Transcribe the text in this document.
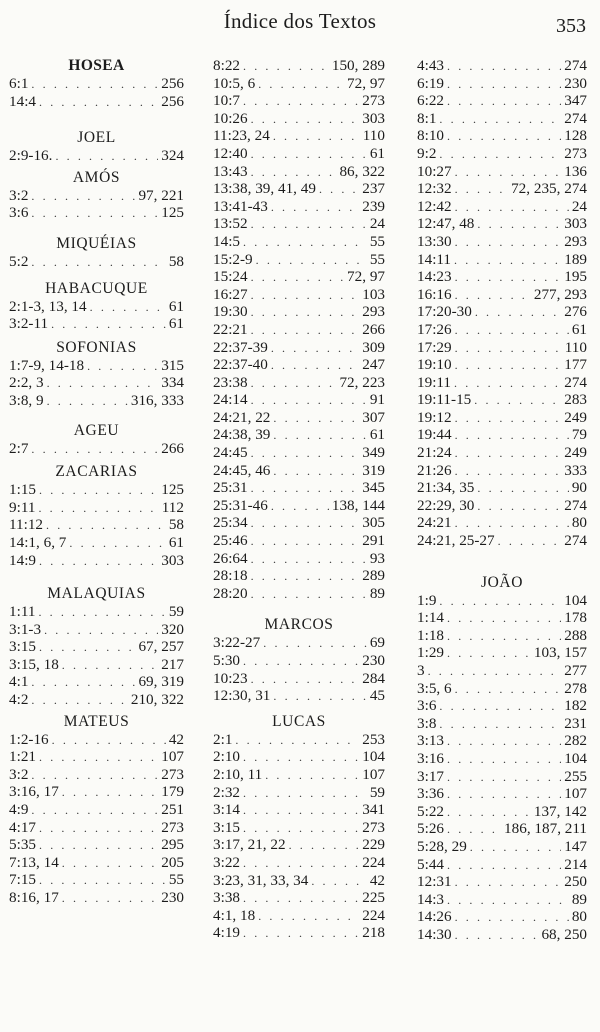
Índice dos Textos	353
HOSEA
6:1 . . .	256
14:4 . . .	256
JOEL
2:9-16. . . .	324
AMÓS
3:2 . . .	97, 221
3:6 . . .	125
MIQUÉIAS
5:2 . . .	58
HABACUQUE
2:1-3, 13, 14 . . .	61
3:2-11 . . .	61
SOFONIAS
1:7-9, 14-18 . . .	315
2:2, 3 . . .	334
3:8, 9 . . .	316, 333
AGEU
2:7 . . .	266
ZACARIAS
1:15 . . .	125
9:11 . . .	112
11:12 . . .	58
14:1, 6, 7 . . .	61
14:9 . . .	303
MALAQUIAS
1:11 . . .	59
3:1-3 . . .	320
3:15 . . .	67, 257
3:15, 18 . . .	217
4:1 . . .	69, 319
4:2 . . .	210, 322
MATEUS
1:2-16 . . .	42
1:21 . . .	107
3:2 . . .	273
3:16, 17 . . .	179
4:9 . . .	251
4:17 . . .	273
5:35 . . .	295
7:13, 14 . . .	205
7:15 . . .	55
8:16, 17 . . .	230
8:22 . . .	150, 289
10:5, 6 . . .	72, 97
10:7 . . .	273
10:26 . . .	303
11:23, 24 . . .	110
12:40 . . .	61
13:43 . . .	86, 322
13:38, 39, 41, 49 . . .	237
13:41-43 . . .	239
13:52 . . .	24
14:5 . . .	55
15:2-9 . . .	55
15:24 . . .	72, 97
16:27 . . .	103
19:30 . . .	293
22:21 . . .	266
22:37-39 . . .	309
22:37-40 . . .	247
23:38 . . .	72, 223
24:14 . . .	91
24:21, 22 . . .	307
24:38, 39 . . .	61
24:45 . . .	349
24:45, 46 . . .	319
25:31 . . .	345
25:31-46 . . .	138, 144
25:34 . . .	305
25:46 . . .	291
26:64 . . .	93
28:18 . . .	289
28:20 . . .	89
MARCOS
3:22-27 . . .	69
5:30 . . .	230
10:23 . . .	284
12:30, 31 . . .	45
LUCAS
2:1 . . .	253
2:10 . . .	104
2:10, 11 . . .	107
2:32 . . .	59
3:14 . . .	341
3:15 . . .	273
3:17, 21, 22 . . .	229
3:22 . . .	224
3:23, 31, 33, 34 . . .	42
3:38 . . .	225
4:1, 18 . . .	224
4:19 . . .	218
4:43 . . .	274
6:19 . . .	230
6:22 . . .	347
8:1 . . .	274
8:10 . . .	128
9:2 . . .	273
10:27 . . .	136
12:32 . . .	72, 235, 274
12:42 . . .	24
12:47, 48 . . .	303
13:30 . . .	293
14:11 . . .	189
14:23 . . .	195
16:16 . . .	277, 293
17:20-30 . . .	276
17:26 . . .	61
17:29 . . .	110
19:10 . . .	177
19:11 . . .	274
19:11-15 . . .	283
19:12 . . .	249
19:44 . . .	79
21:24 . . .	249
21:26 . . .	333
21:34, 35 . . .	90
22:29, 30 . . .	274
24:21 . . .	80
24:21, 25-27 . . .	274
JOÃO
1:9 . . .	104
1:14 . . .	178
1:18 . . .	288
1:29 . . .	103, 157
3 . . .	277
3:5, 6 . . .	278
3:6 . . .	182
3:8 . . .	231
3:13 . . .	282
3:16 . . .	104
3:17 . . .	255
3:36 . . .	107
5:22 . . .	137, 142
5:26 . . .	186, 187, 211
5:28, 29 . . .	147
5:44 . . .	214
12:31 . . .	250
14:3 . . .	89
14:26 . . .	80
14:30 . . .	68, 250
